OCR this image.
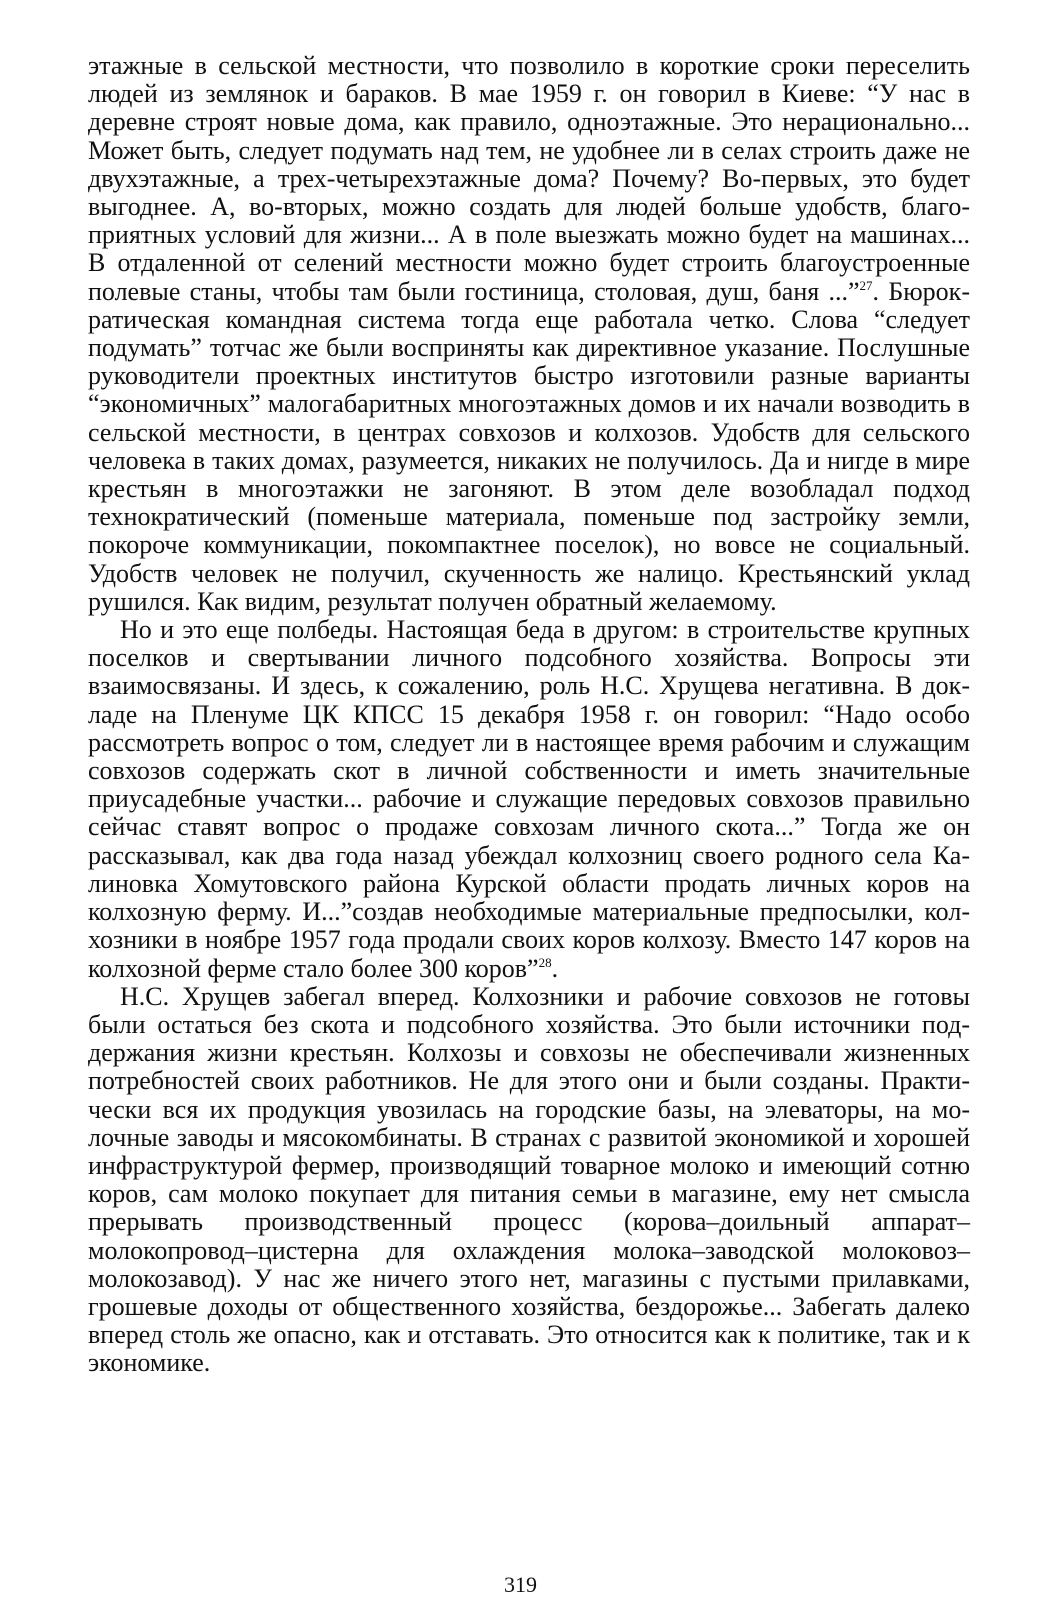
этажные в сельской местности, что позволило в короткие сроки переселить людей из землянок и бараков. В мае 1959 г. он говорил в Киеве: “У нас в деревне строят новые дома, как правило, одноэтажные. Это нерационально... Может быть, следует подумать над тем, не удобнее ли в селах строить даже не двухэтажные, а трех-четырехэтажные дома? Почему? Во-первых, это будет выгоднее. А, во-вторых, можно создать для людей больше удобств, благоприятных условий для жизни... А в поле выезжать можно будет на машинах... В отдаленной от селений местности можно будет строить благоустроенные полевые станы, чтобы там были гостиница, столовая, душ, баня ...”$^{27}$. Бюрократическая командная система тогда еще работала четко. Слова “следует подумать” тотчас же были восприняты как директивное указание. Послушные руководители проектных институтов быстро изготовили разные варианты “экономичных” малогабаритных многоэтажных домов и их начали возводить в сельской местности, в центрах совхозов и колхозов. Удобств для сельского человека в таких домах, разумеется, никаких не получилось. Да и нигде в мире крестьян в многоэтажки не загоняют. В этом деле возобладал подход технократический (поменьше материала, поменьше под застройку земли, покороче коммуникации, покомпактнее поселок), но вовсе не социальный. Удобств человек не получил, скученность же налицо. Крестьянский уклад рушился. Как видим, результат получен обратный желаемому.

Но и это еще полбеды. Настоящая беда в другом: в строительстве крупных поселков и свертывании личного подсобного хозяйства. Вопросы эти взаимосвязаны. И здесь, к сожалению, роль Н.С. Хрущева негативна. В докладе на Пленуме ЦК КПСС 15 декабря 1958 г. он говорил: “Надо особо рассмотреть вопрос о том, следует ли в настоящее время рабочим и служащим совхозов содержать скот в личной собственности и иметь значительные приусадебные участки... рабочие и служащие передовых совхозов правильно сейчас ставят вопрос о продаже совхозам личного скота...” Тогда же он рассказывал, как два года назад убеждал колхозниц своего родного села Калиновка Хомутовского района Курской области продать личных коров на колхозную ферму. И...”создав необходимые материальные предпосылки, колхозники в ноябре 1957 года продали своих коров колхозу. Вместо 147 коров на колхозной ферме стало более 300 коров”$^{28}$.

Н.С. Хрущев забегал вперед. Колхозники и рабочие совхозов не готовы были остаться без скота и подсобного хозяйства. Это были источники поддержания жизни крестьян. Колхозы и совхозы не обеспечивали жизненных потребностей своих работников. Не для этого они и были созданы. Практически вся их продукция увозилась на городские базы, на элеваторы, на молочные заводы и мясокомбинаты. В странах с развитой экономикой и хорошей инфраструктурой фермер, производящий товарное молоко и имеющий сотню коров, сам молоко покупает для питания семьи в магазине, ему нет смысла прерывать производственный процесс (корова–доильный аппарат–молокопровод–цистерна для охлаждения молока–заводской молоковоз–молокозавод). У нас же ничего этого нет, магазины с пустыми прилавками, грошевые доходы от общественного хозяйства, бездорожье... Забегать далеко вперед столь же опасно, как и отставать. Это относится как к политике, так и к экономике.

319
